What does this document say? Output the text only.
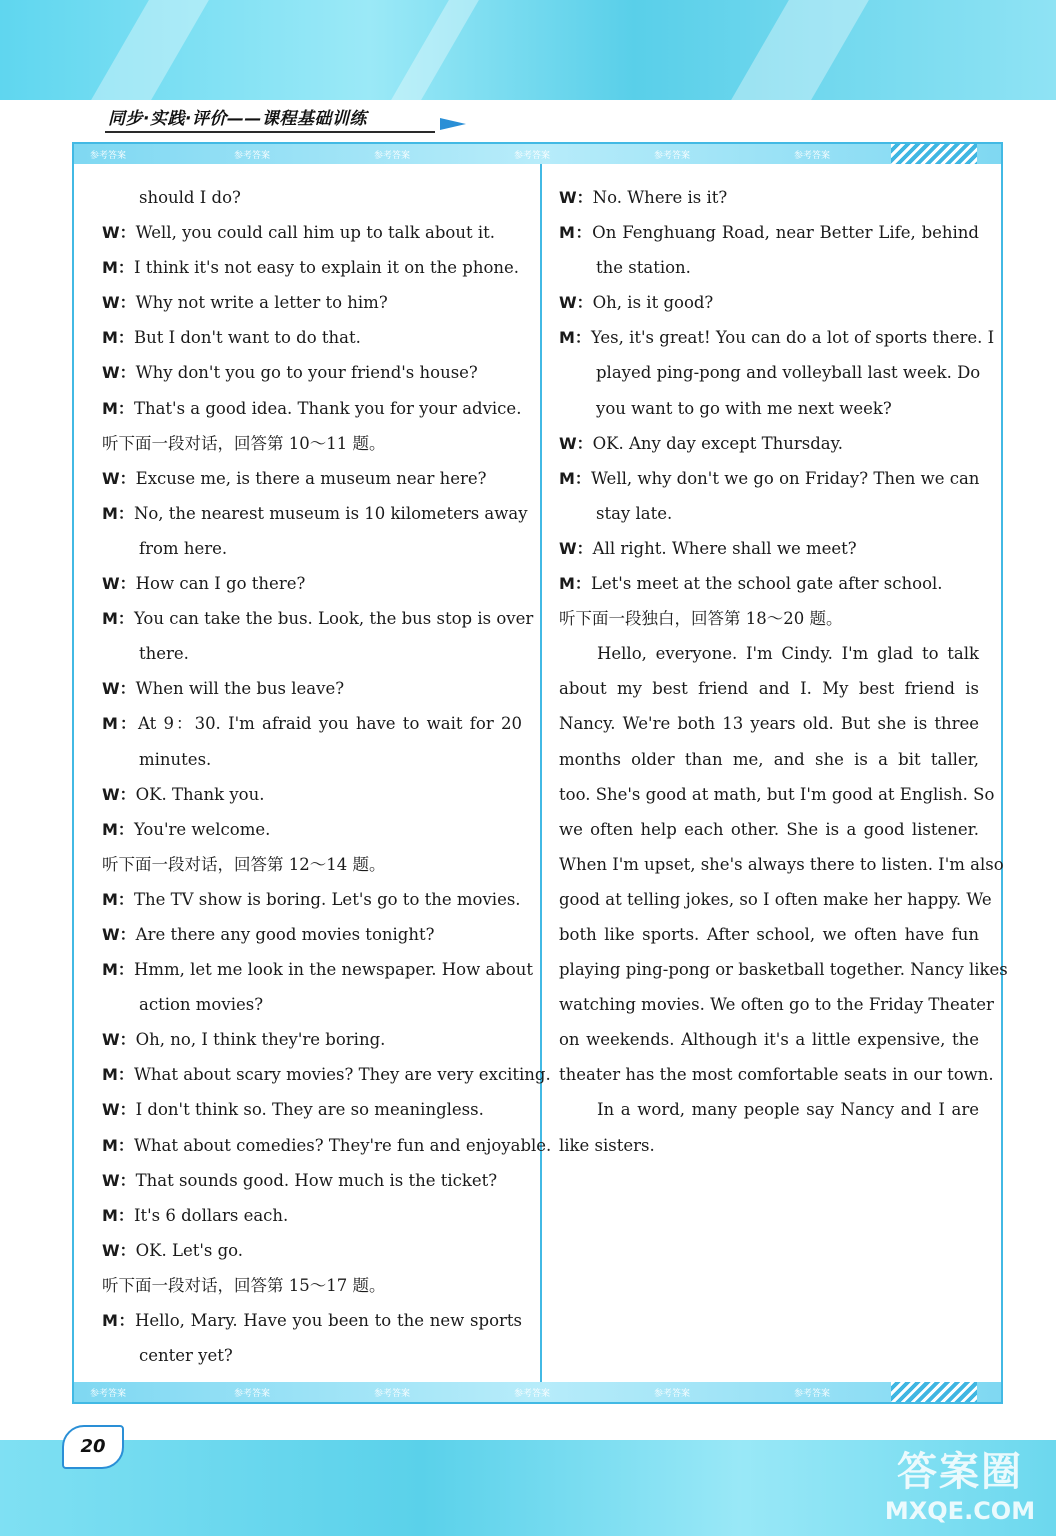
同步·实践·评价——课程基础训练
参考答案	参考答案	参考答案	参考答案	参考答案	参考答案
参考答案	参考答案	参考答案	参考答案	参考答案	参考答案
should I do?
W：Well, you could call him up to talk about it.
M：I think it's not easy to explain it on the phone.
W：Why not write a letter to him?
M：But I don't want to do that.
W：Why don't you go to your friend's house?
M：That's a good idea. Thank you for your advice.
听下面一段对话，回答第 10～11 题。
W：Excuse me, is there a museum near here?
M：No, the nearest museum is 10 kilometers away
from here.
W：How can I go there?
M：You can take the bus. Look, the bus stop is over
there.
W：When will the bus leave?
M：At 9：30. I'm afraid you have to wait for 20
minutes.
W：OK. Thank you.
M：You're welcome.
听下面一段对话，回答第 12～14 题。
M：The TV show is boring. Let's go to the movies.
W：Are there any good movies tonight?
M：Hmm, let me look in the newspaper. How about
action movies?
W：Oh, no, I think they're boring.
M：What about scary movies? They are very exciting.
W：I don't think so. They are so meaningless.
M：What about comedies? They're fun and enjoyable.
W：That sounds good. How much is the ticket?
M：It's 6 dollars each.
W：OK. Let's go.
听下面一段对话，回答第 15～17 题。
M：Hello, Mary. Have you been to the new sports
center yet?
W：No. Where is it?
M：On Fenghuang Road, near Better Life, behind
the station.
W：Oh, is it good?
M：Yes, it's great! You can do a lot of sports there. I
played ping-pong and volleyball last week. Do
you want to go with me next week?
W：OK. Any day except Thursday.
M：Well, why don't we go on Friday? Then we can
stay late.
W：All right. Where shall we meet?
M：Let's meet at the school gate after school.
听下面一段独白，回答第 18～20 题。
Hello, everyone. I'm Cindy. I'm glad to talk
about my best friend and I. My best friend is
Nancy. We're both 13 years old. But she is three
months older than me, and she is a bit taller,
too. She's good at math, but I'm good at English. So
we often help each other. She is a good listener.
When I'm upset, she's always there to listen. I'm also
good at telling jokes, so I often make her happy. We
both like sports. After school, we often have fun
playing ping-pong or basketball together. Nancy likes
watching movies. We often go to the Friday Theater
on weekends. Although it's a little expensive, the
theater has the most comfortable seats in our town.
In a word, many people say Nancy and I are
like sisters.
20
答案圈
MXQE.COM
